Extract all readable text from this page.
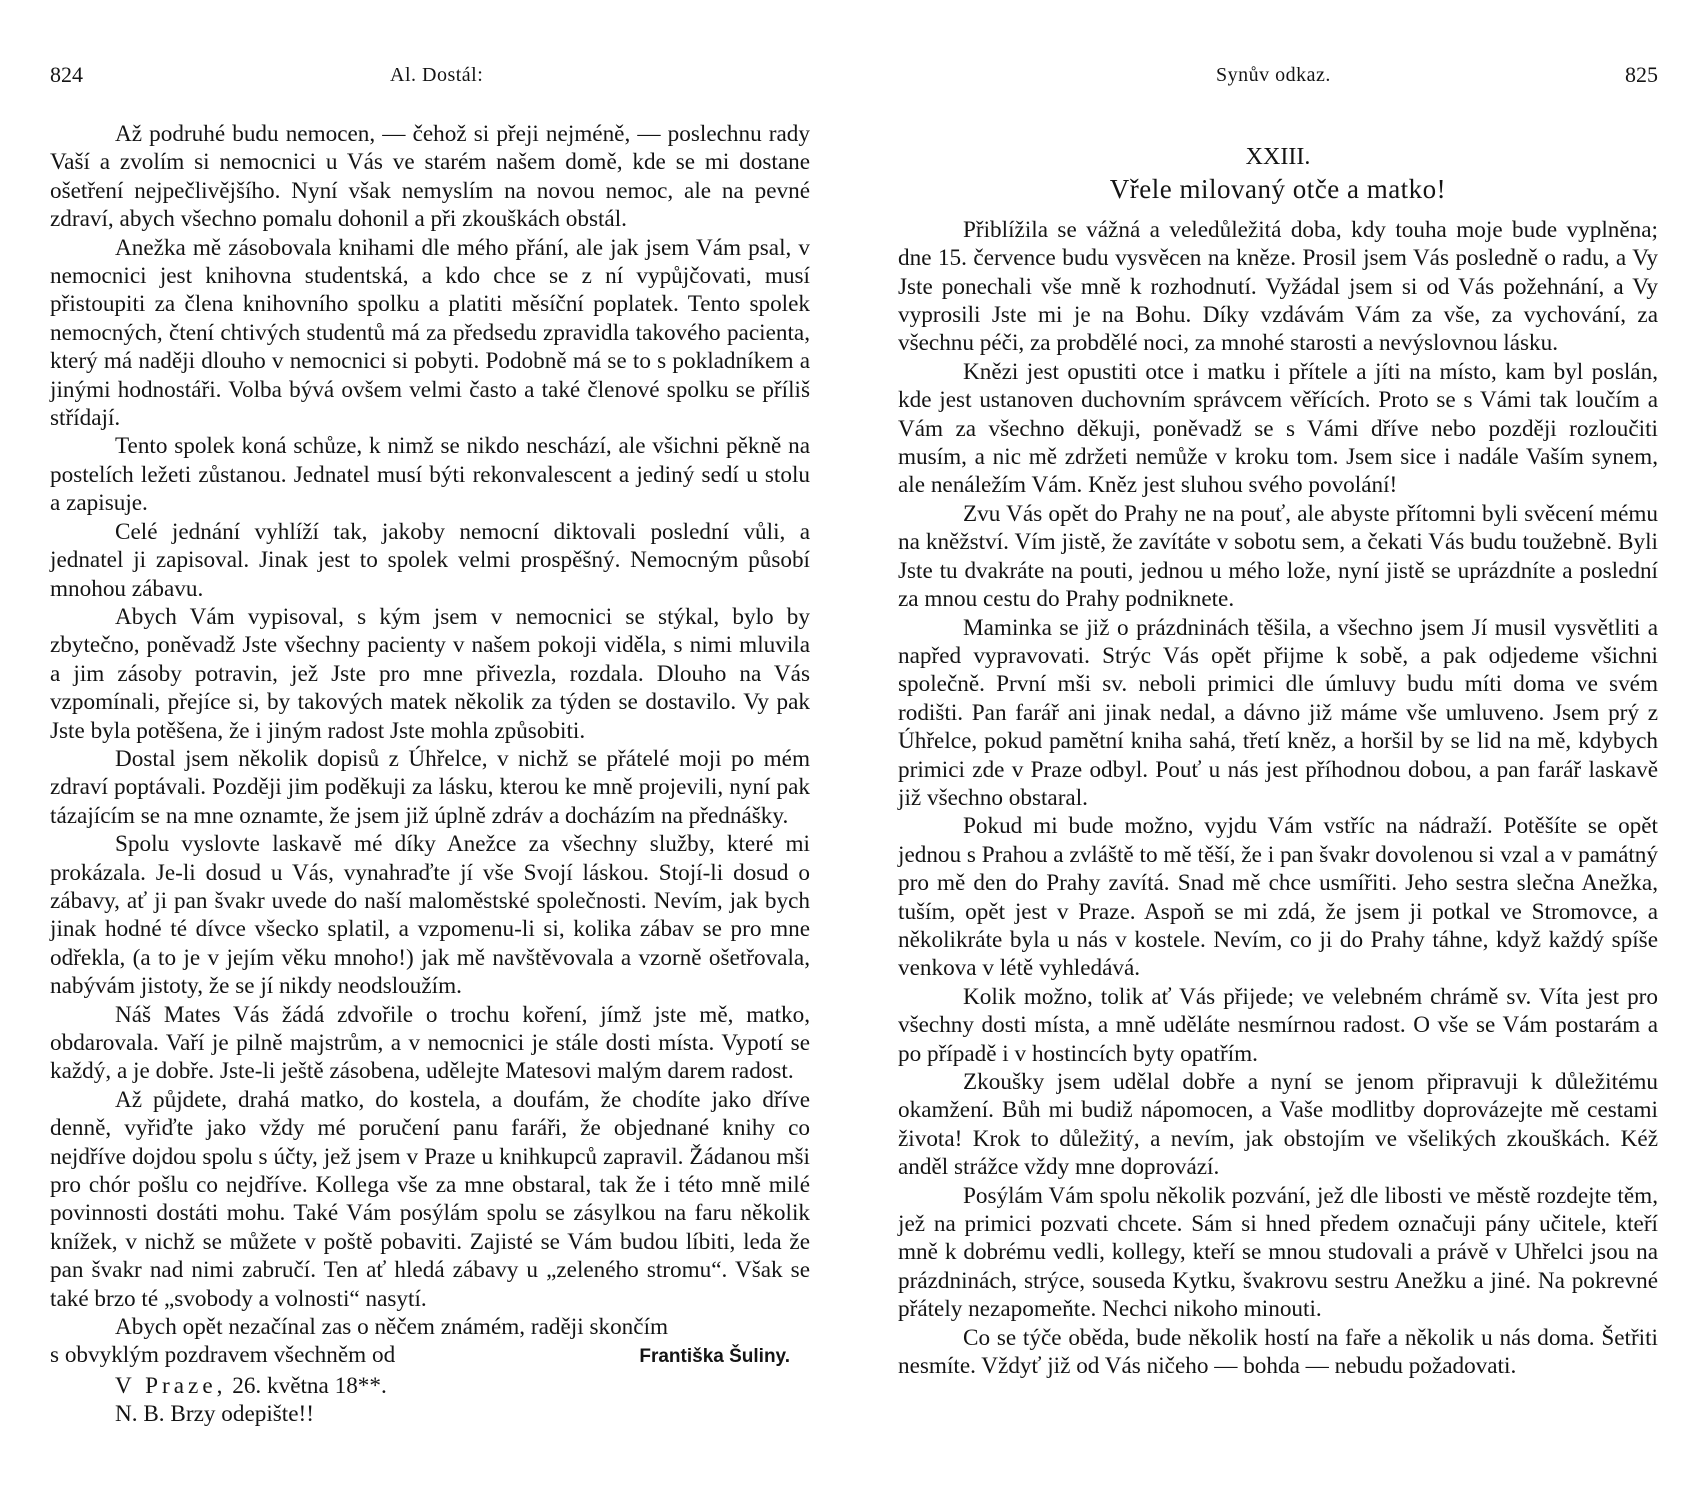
824	Al. Dostál:

Až podruhé budu nemocen, — čehož si přeji nejméně, — poslechnu rady Vaší a zvolím si nemocnici u Vás ve starém našem domě, kde se mi dostane ošetření nejpečlivějšího. Nyní však nemyslím na novou nemoc, ale na pevné zdraví, abych všechno pomalu dohonil a při zkouškách obstál.

Anežka mě zásobovala knihami dle mého přání, ale jak jsem Vám psal, v nemocnici jest knihovna studentská, a kdo chce se z ní vypůjčovati, musí přistoupiti za člena knihovního spolku a platiti měsíční poplatek. Tento spolek nemocných, čtení chtivých studentů má za předsedu zpravidla takového pacienta, který má naději dlouho v nemocnici si pobyti. Podobně má se to s pokladníkem a jinými hodnostáři. Volba bývá ovšem velmi často a také členové spolku se příliš střídají.

Tento spolek koná schůze, k nimž se nikdo neschází, ale všichni pěkně na postelích ležeti zůstanou. Jednatel musí býti rekonvalescent a jediný sedí u stolu a zapisuje.

Celé jednání vyhlíží tak, jakoby nemocní diktovali poslední vůli, a jednatel ji zapisoval. Jinak jest to spolek velmi prospěšný. Nemocným působí mnohou zábavu.

Abych Vám vypisoval, s kým jsem v nemocnici se stýkal, bylo by zbytečno, poněvadž Jste všechny pacienty v našem pokoji viděla, s nimi mluvila a jim zásoby potravin, jež Jste pro mne přivezla, rozdala. Dlouho na Vás vzpomínali, přejíce si, by takových matek několik za týden se dostavilo. Vy pak Jste byla potěšena, že i jiným radost Jste mohla způsobiti.

Dostal jsem několik dopisů z Úhřelce, v nichž se přátelé moji po mém zdraví poptávali. Později jim poděkuji za lásku, kterou ke mně projevili, nyní pak tázajícím se na mne oznamte, že jsem již úplně zdráv a docházím na přednášky.

Spolu vyslovte laskavě mé díky Anežce za všechny služby, které mi prokázala. Je-li dosud u Vás, vynahraďte jí vše Svojí láskou. Stojí-li dosud o zábavy, ať ji pan švakr uvede do naší maloměstské společnosti. Nevím, jak bych jinak hodné té dívce všecko splatil, a vzpomenu-li si, kolika zábav se pro mne odřekla, (a to je v jejím věku mnoho!) jak mě navštěvovala a vzorně ošetřovala, nabývám jistoty, že se jí nikdy neodsloužím.

Náš Mates Vás žádá zdvořile o trochu koření, jímž jste mě, matko, obdarovala. Vaří je pilně majstrům, a v nemocnici je stále dosti místa. Vypotí se každý, a je dobře. Jste-li ještě zásobena, udělejte Matesovi malým darem radost.

Až půjdete, drahá matko, do kostela, a doufám, že chodíte jako dříve denně, vyřiďte jako vždy mé poručení panu faráři, že objednané knihy co nejdříve dojdou spolu s účty, jež jsem v Praze u knihkupců zapravil. Žádanou mši pro chór pošlu co nejdříve. Kollega vše za mne obstaral, tak že i této mně milé povinnosti dostáti mohu. Také Vám posýlám spolu se zásylkou na faru několik knížek, v nichž se můžete v poště pobaviti. Zajisté se Vám budou líbiti, leda že pan švakr nad nimi zabručí. Ten ať hledá zábavy u „zeleného stromu“. Však se také brzo té „svobody a volnosti“ nasytí.

Abych opět nezačínal zas o něčem známém, raději skončím

s obvyklým pozdravem všechněm od	Františka Šuliny.

V Praze, 26. května 18**.

N. B. Brzy odepište!!

Synův odkaz.	825
XXIII.
Vřele milovaný otče a matko!

Přiblížila se vážná a veledůležitá doba, kdy touha moje bude vyplněna; dne 15. července budu vysvěcen na kněze. Prosil jsem Vás posledně o radu, a Vy Jste ponechali vše mně k rozhodnutí. Vyžádal jsem si od Vás požehnání, a Vy vyprosili Jste mi je na Bohu. Díky vzdávám Vám za vše, za vychování, za všechnu péči, za probdělé noci, za mnohé starosti a nevýslovnou lásku.

Knězi jest opustiti otce i matku i přítele a jíti na místo, kam byl poslán, kde jest ustanoven duchovním správcem věřících. Proto se s Vámi tak loučím a Vám za všechno děkuji, poněvadž se s Vámi dříve nebo později rozloučiti musím, a nic mě zdržeti nemůže v kroku tom. Jsem sice i nadále Vaším synem, ale nenáležím Vám. Kněz jest sluhou svého povolání!

Zvu Vás opět do Prahy ne na pouť, ale abyste přítomni byli svěcení mému na kněžství. Vím jistě, že zavítáte v sobotu sem, a čekati Vás budu toužebně. Byli Jste tu dvakráte na pouti, jednou u mého lože, nyní jistě se uprázdníte a poslední za mnou cestu do Prahy podniknete.

Maminka se již o prázdninách těšila, a všechno jsem Jí musil vysvětliti a napřed vypravovati. Strýc Vás opět přijme k sobě, a pak odjedeme všichni společně. První mši sv. neboli primici dle úmluvy budu míti doma ve svém rodišti. Pan farář ani jinak nedal, a dávno již máme vše umluveno. Jsem prý z Úhřelce, pokud pamětní kniha sahá, třetí kněz, a horšil by se lid na mě, kdybych primici zde v Praze odbyl. Pouť u nás jest příhodnou dobou, a pan farář laskavě již všechno obstaral.

Pokud mi bude možno, vyjdu Vám vstříc na nádraží. Potěšíte se opět jednou s Prahou a zvláště to mě těší, že i pan švakr dovolenou si vzal a v památný pro mě den do Prahy zavítá. Snad mě chce usmířiti. Jeho sestra slečna Anežka, tuším, opět jest v Praze. Aspoň se mi zdá, že jsem ji potkal ve Stromovce, a několikráte byla u nás v kostele. Nevím, co ji do Prahy táhne, když každý spíše venkova v létě vyhledává.

Kolik možno, tolik ať Vás přijede; ve velebném chrámě sv. Víta jest pro všechny dosti místa, a mně uděláte nesmírnou radost. O vše se Vám postarám a po případě i v hostincích byty opatřím.

Zkoušky jsem udělal dobře a nyní se jenom připravuji k důležitému okamžení. Bůh mi budiž nápomocen, a Vaše modlitby doprovázejte mě cestami života! Krok to důležitý, a nevím, jak obstojím ve všelikých zkouškách. Kéž anděl strážce vždy mne doprovází.

Posýlám Vám spolu několik pozvání, jež dle libosti ve městě rozdejte těm, jež na primici pozvati chcete. Sám si hned předem označuji pány učitele, kteří mně k dobrému vedli, kollegy, kteří se mnou studovali a právě v Uhřelci jsou na prázdninách, strýce, souseda Kytku, švakrovu sestru Anežku a jiné. Na pokrevné přátely nezapomeňte. Nechci nikoho minouti.

Co se týče oběda, bude několik hostí na faře a několik u nás doma. Šetřiti nesmíte. Vždyť již od Vás ničeho — bohda — nebudu požadovati.
